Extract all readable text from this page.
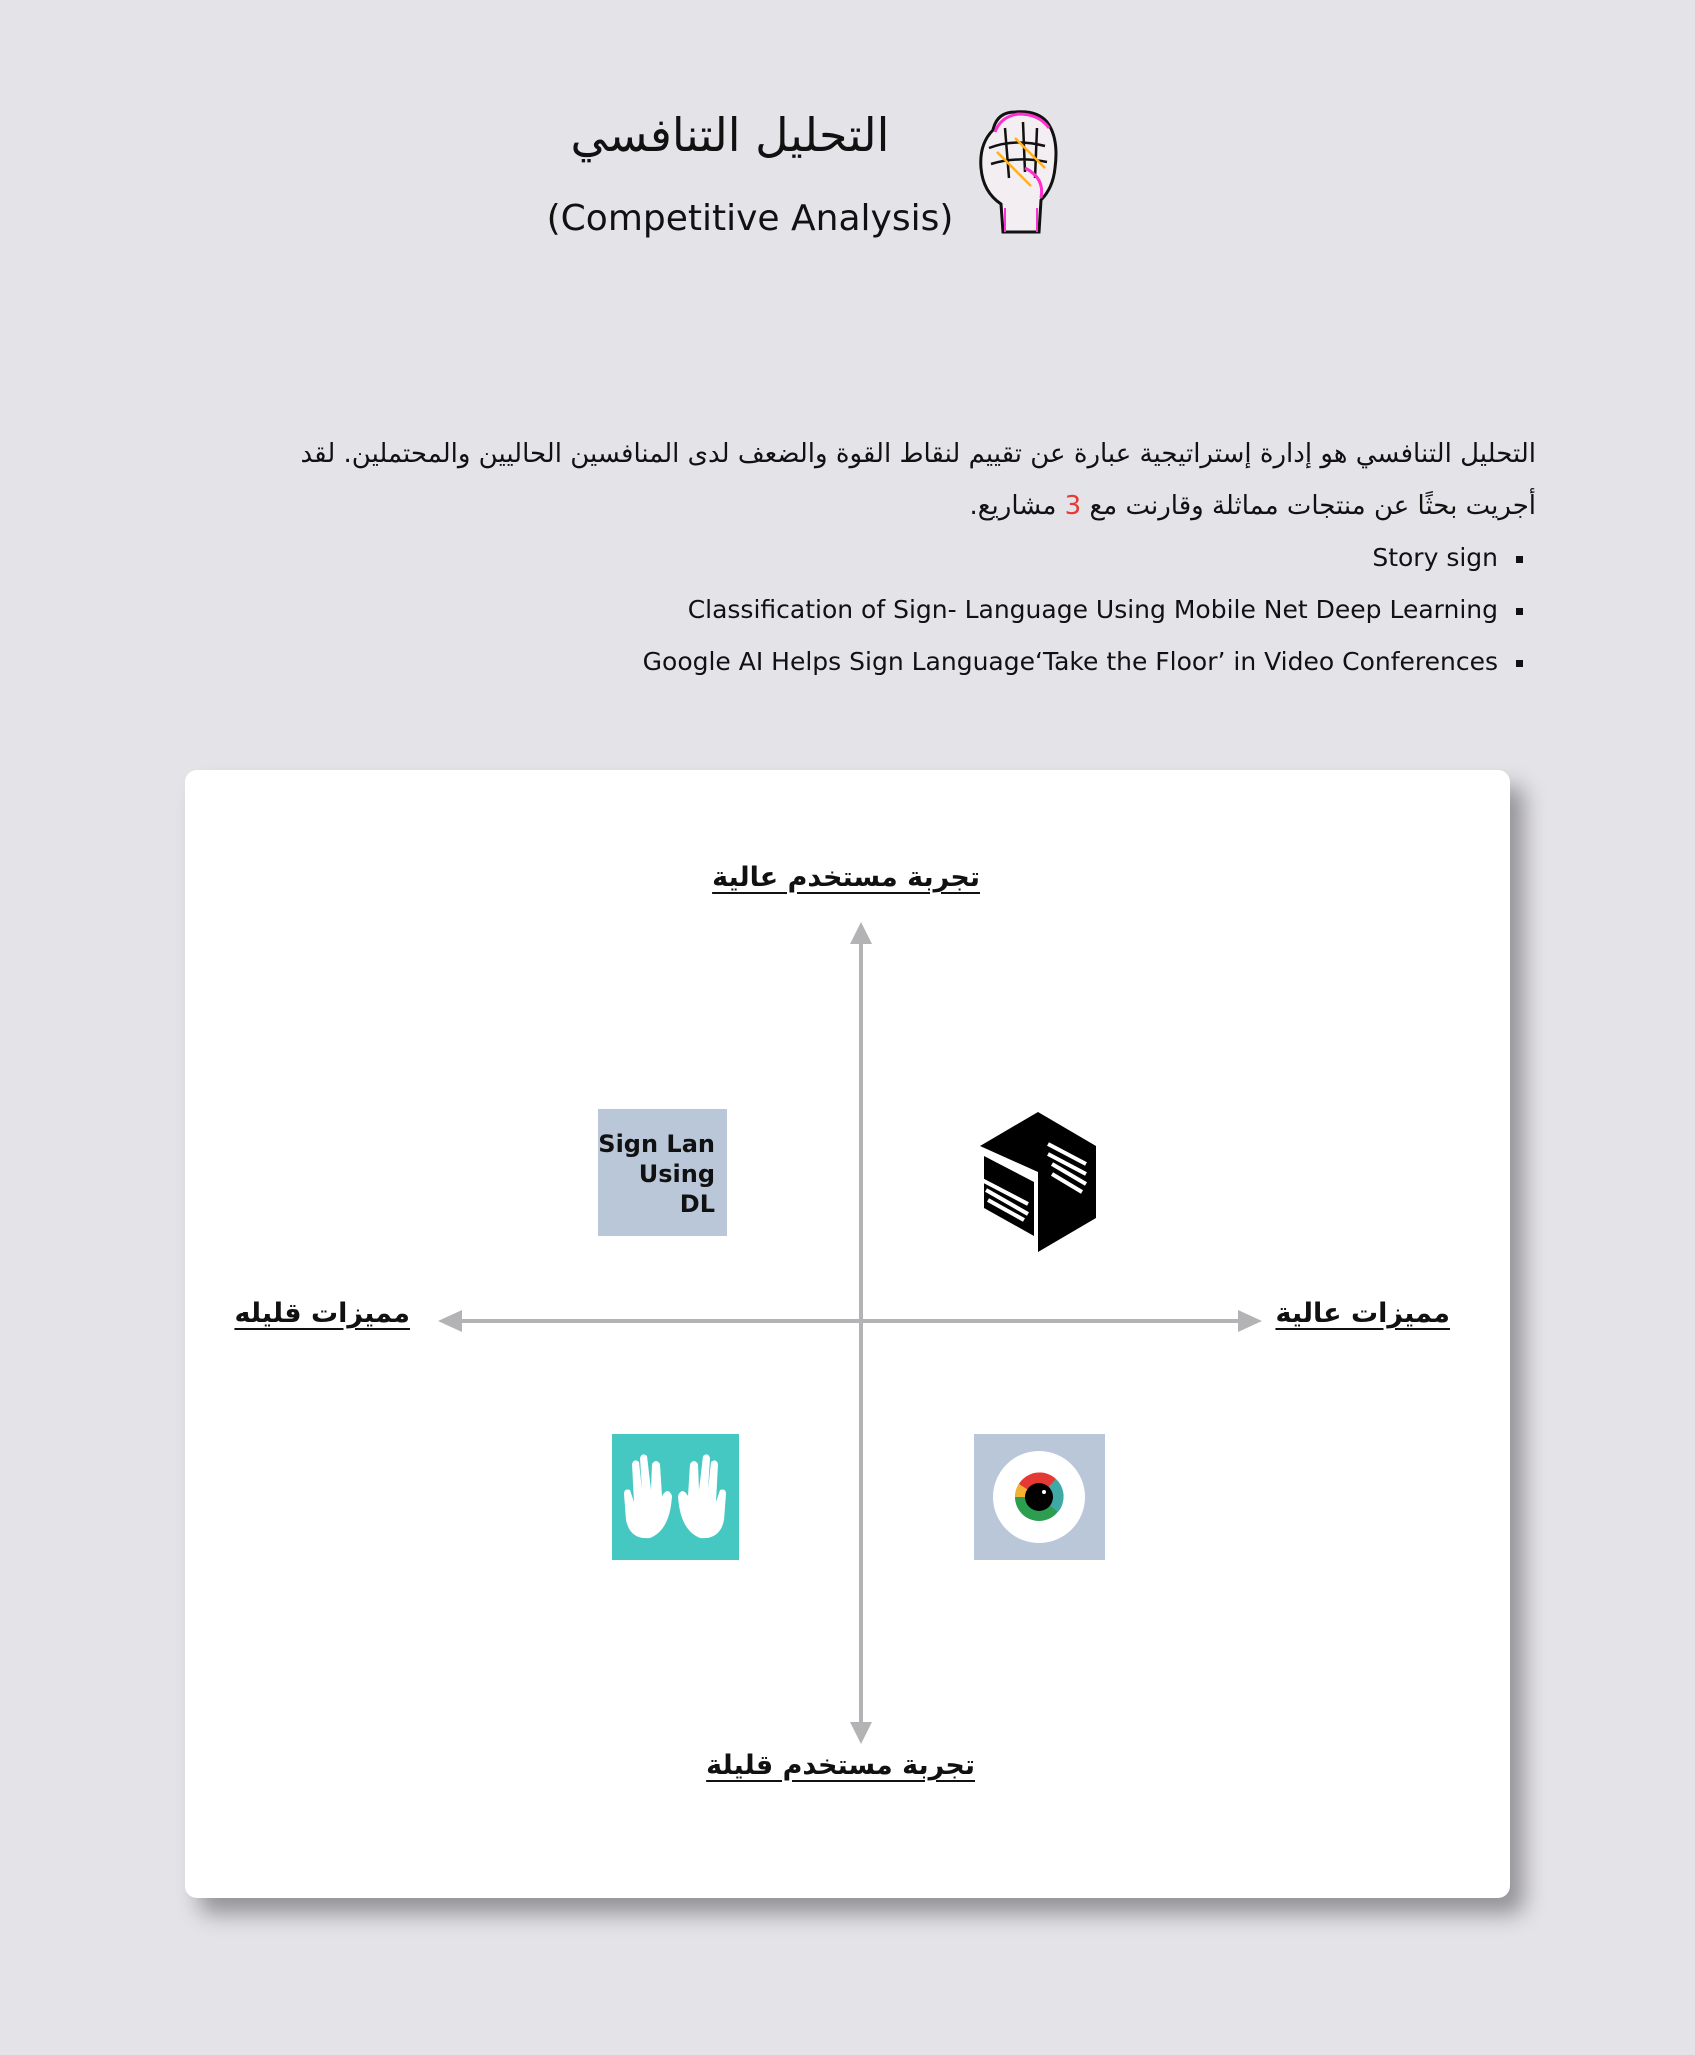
التحليل التنافسي
(Competitive Analysis)
التحليل التنافسي هو إدارة إستراتيجية عبارة عن تقييم لنقاط القوة والضعف لدى المنافسين الحاليين والمحتملين. لقد أجريت بحثًا عن منتجات مماثلة وقارنت مع 3 مشاريع.
Story sign
Classification of Sign- Language Using Mobile Net Deep Learning
Google AI Helps Sign Language‘Take the Floor’ in Video Conferences
تجربة مستخدم عالية
تجربة مستخدم قليلة
مميزات قليله	مميزات عالية
Sign Lan
Using
DL
